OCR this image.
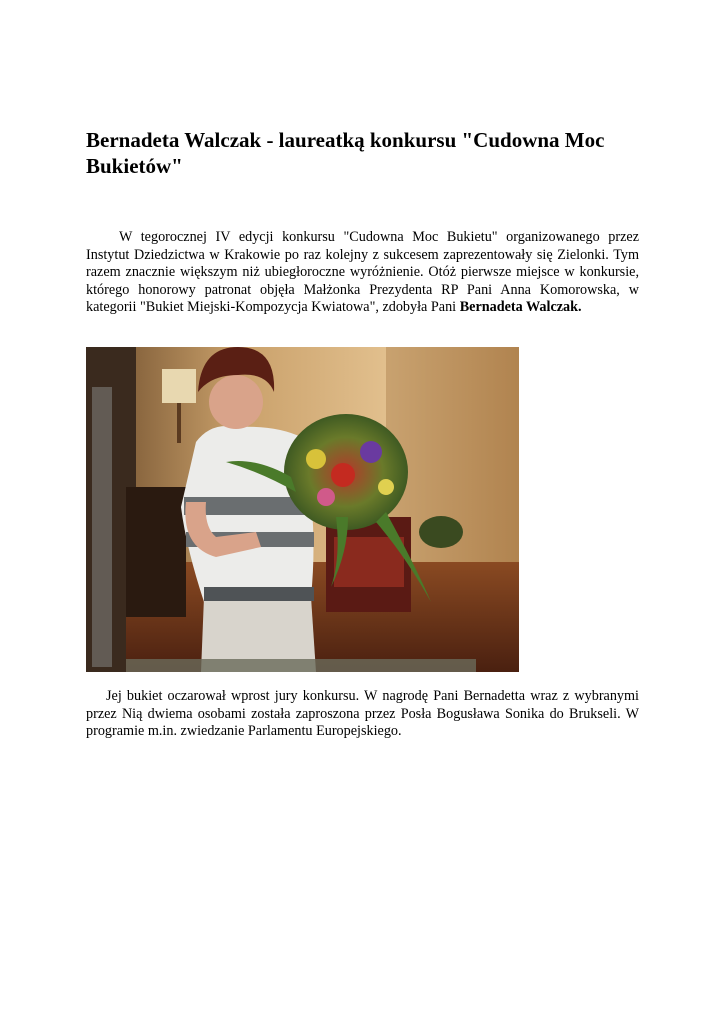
Bernadeta Walczak - laureatką konkursu "Cudowna Moc Bukietów"

W tegorocznej IV edycji konkursu "Cudowna Moc Bukietu" organizowanego przez Instytut Dziedzictwa w Krakowie po raz kolejny z sukcesem zaprezentowały się Zielonki. Tym razem znacznie większym niż ubiegłoroczne wyróżnienie. Otóż pierwsze miejsce w konkursie, którego honorowy patronat objęła Małżonka Prezydenta RP Pani Anna Komorowska, w kategorii "Bukiet Miejski-Kompozycja Kwiatowa", zdobyła Pani Bernadeta Walczak.

Jej bukiet oczarował wprost jury konkursu. W nagrodę Pani Bernadetta wraz z wybranymi przez Nią dwiema osobami została zaproszona przez Posła Bogusława Sonika do Brukseli. W programie m.in. zwiedzanie Parlamentu Europejskiego.
